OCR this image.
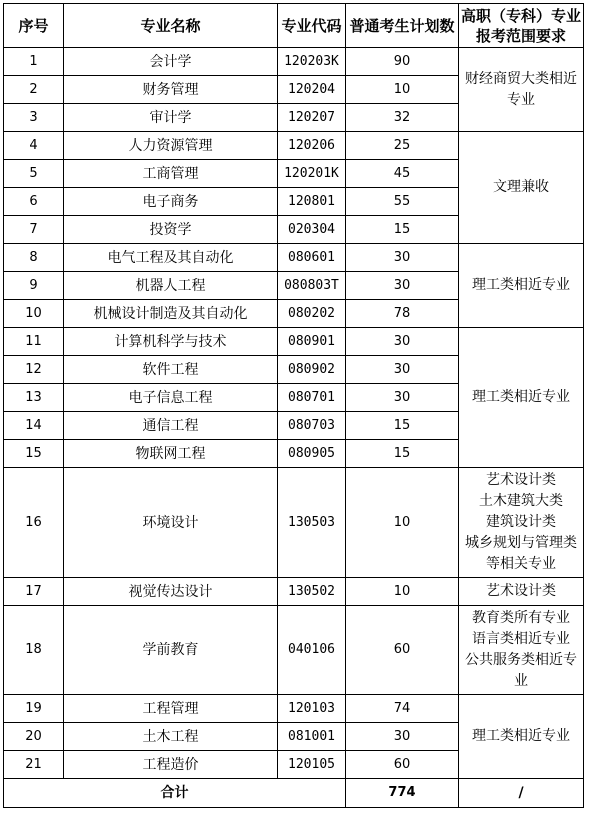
序号	专业名称	专业代码	普通考生计划数	高职（专科）专业报考范围要求
1	会计学	120203K	90	财经商贸大类相近专业
2	财务管理	120204	10	
3	审计学	120207	32	
4	人力资源管理	120206	25	文理兼收
5	工商管理	120201K	45	
6	电子商务	120801	55	
7	投资学	020304	15	
8	电气工程及其自动化	080601	30	理工类相近专业
9	机器人工程	080803T	30	
10	机械设计制造及其自动化	080202	78	
11	计算机科学与技术	080901	30	理工类相近专业
12	软件工程	080902	30	
13	电子信息工程	080701	30	
14	通信工程	080703	15	
15	物联网工程	080905	15	
16	环境设计	130503	10	艺术设计类
土木建筑大类
建筑设计类
城乡规划与管理类等相关专业
17	视觉传达设计	130502	10	艺术设计类
18	学前教育	040106	60	教育类所有专业
语言类相近专业
公共服务类相近专业
19	工程管理	120103	74	理工类相近专业
20	土木工程	081001	30	
21	工程造价	120105	60	
合计			774	/
